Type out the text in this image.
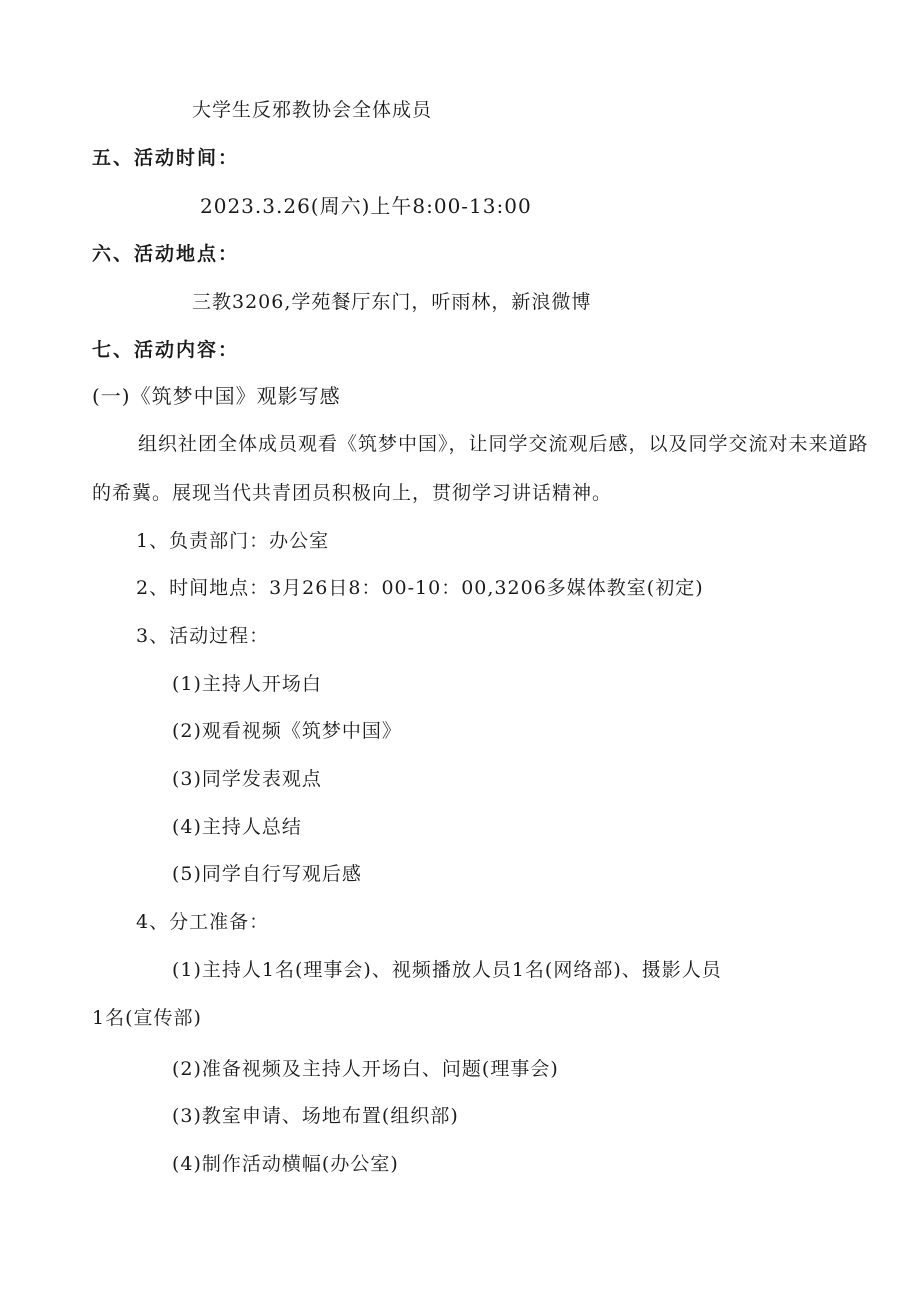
大学生反邪教协会全体成员
五、活动时间：
2023.3.26(周六)上午8:00-13:00
六、活动地点：
三教3206,学苑餐厅东门，听雨林，新浪微博
七、活动内容：
(一)《筑梦中国》观影写感
组织社团全体成员观看《筑梦中国》，让同学交流观后感，以及同学交流对未来道路
的希冀。展现当代共青团员积极向上，贯彻学习讲话精神。
1、负责部门：办公室
2、时间地点：3月26日8：00-10：00,3206多媒体教室(初定)
3、活动过程：
(1)主持人开场白
(2)观看视频《筑梦中国》
(3)同学发表观点
(4)主持人总结
(5)同学自行写观后感
4、分工准备：
(1)主持人1名(理事会)、视频播放人员1名(网络部)、摄影人员
1名(宣传部)
(2)准备视频及主持人开场白、问题(理事会)
(3)教室申请、场地布置(组织部)
(4)制作活动横幅(办公室)
